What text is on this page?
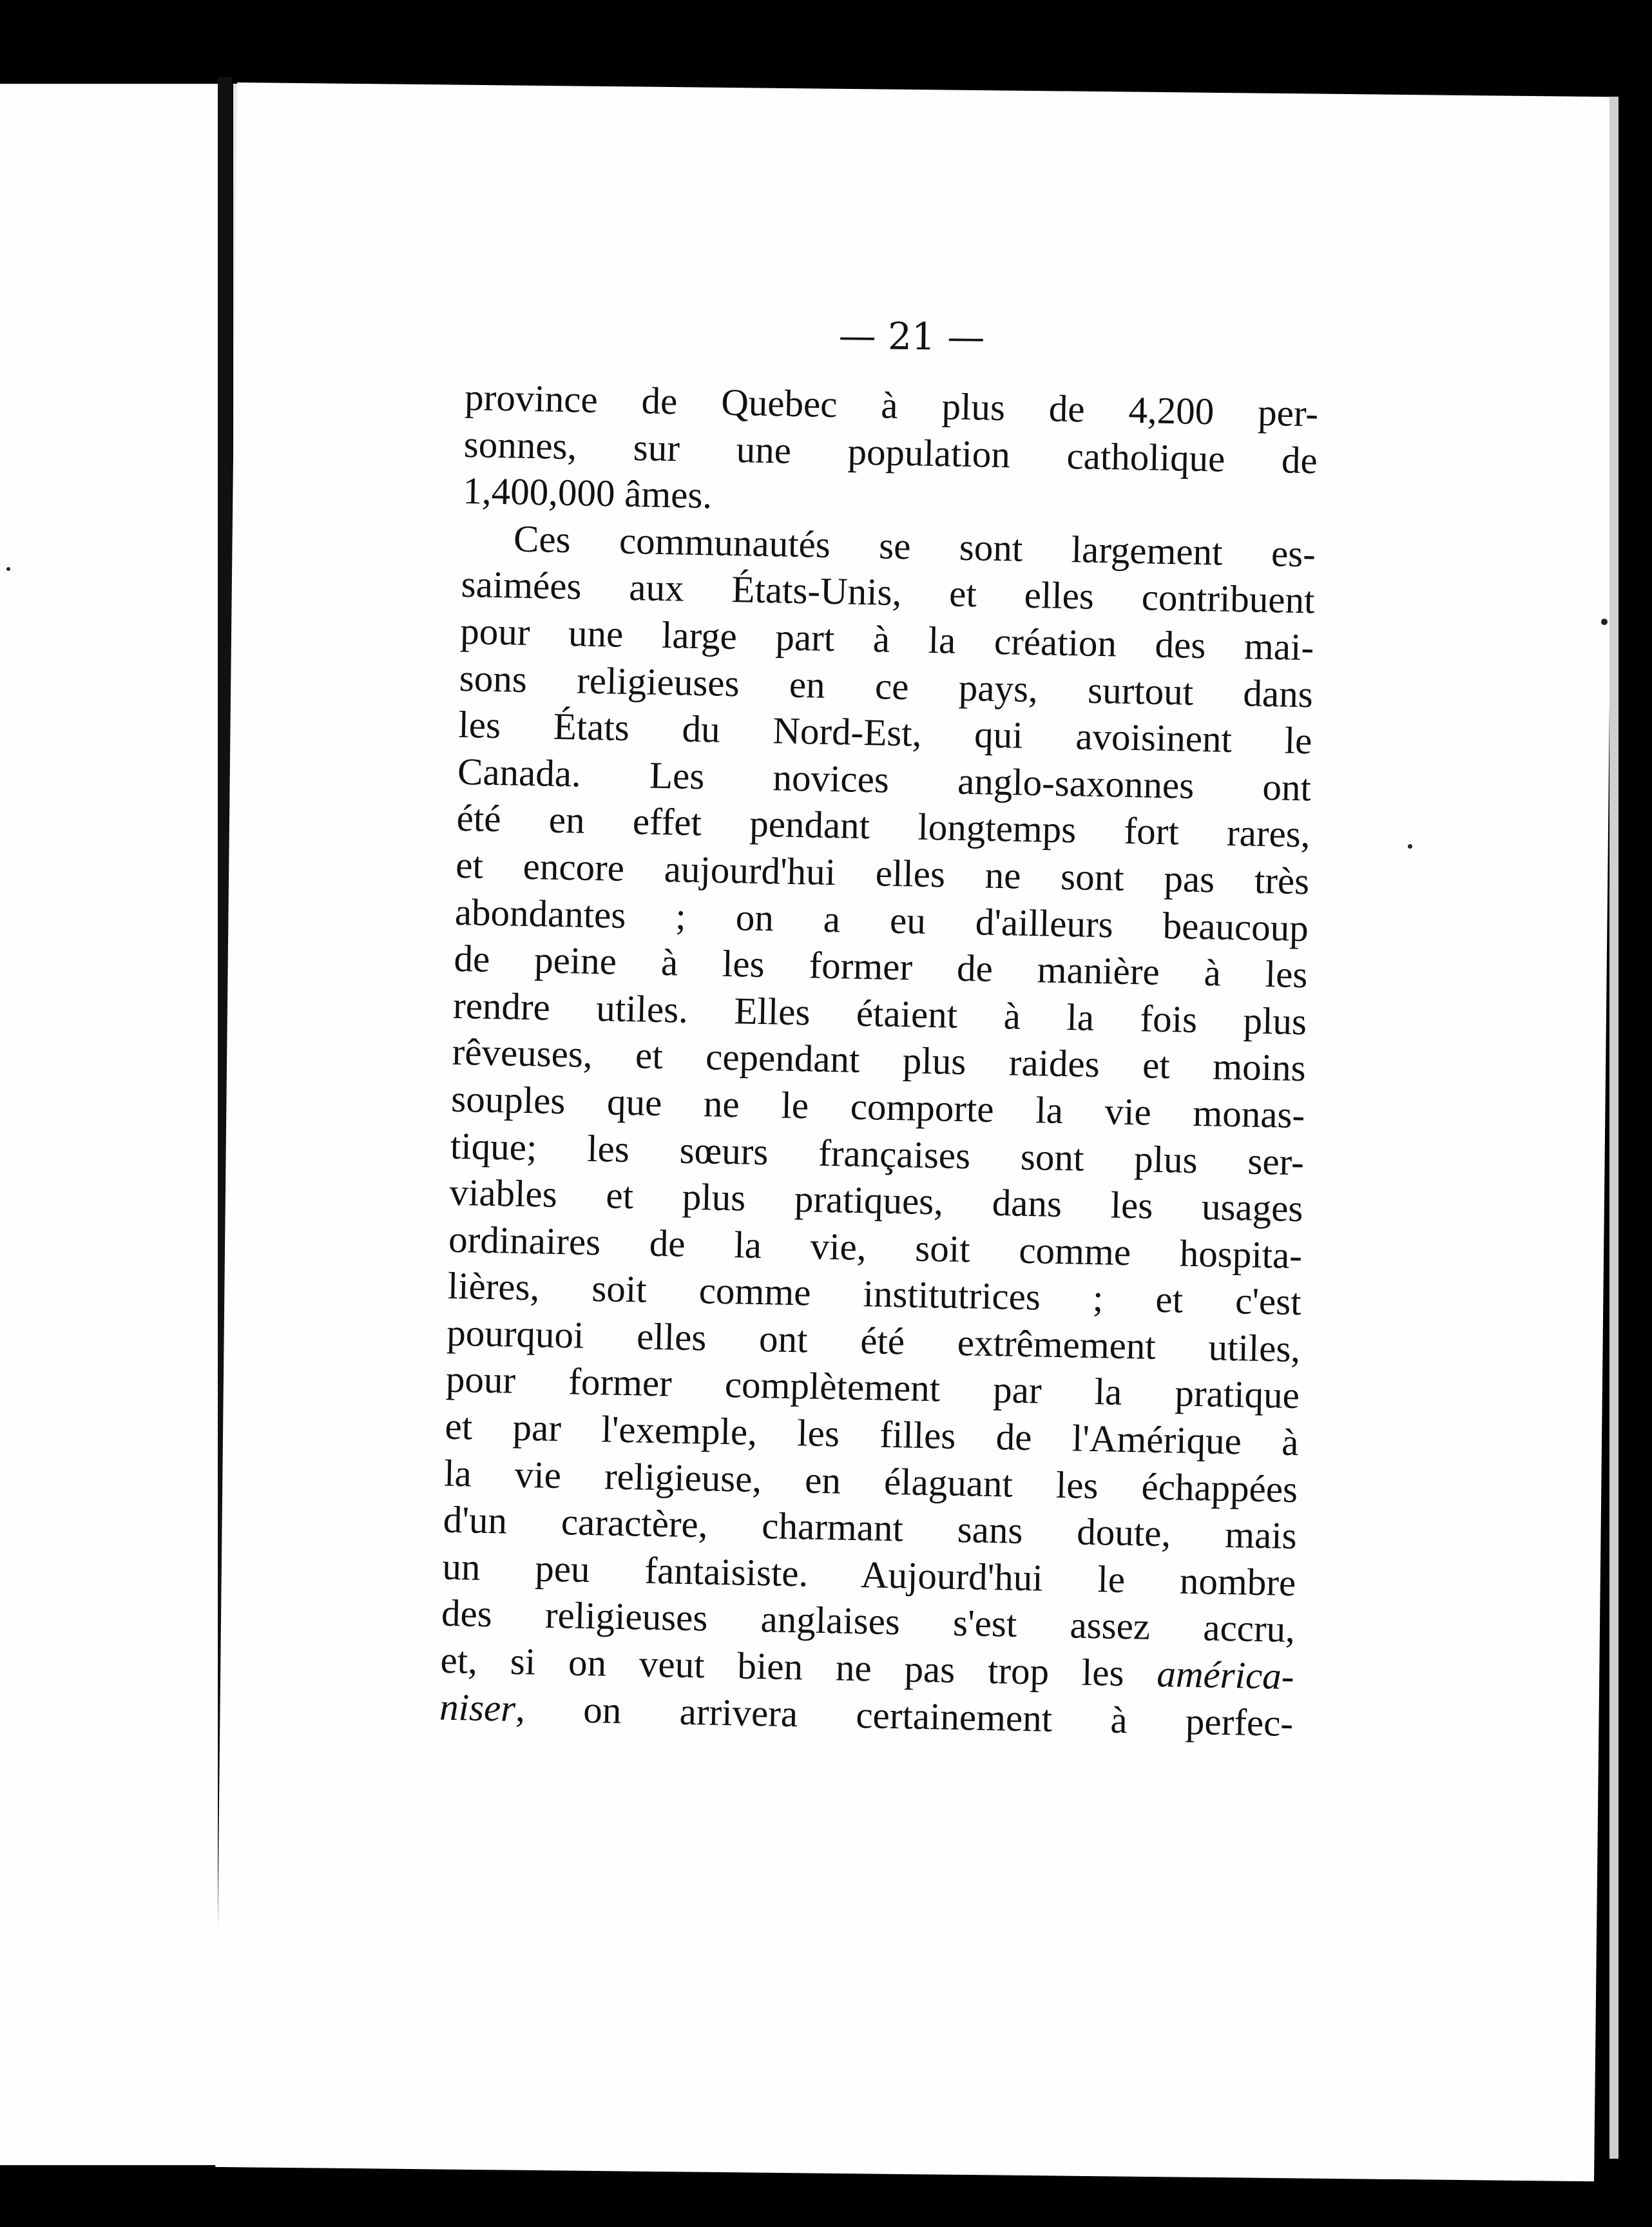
— 21 —
province de Quebec à plus de 4,200 per-
sonnes, sur une population catholique de
1,400,000 âmes.
Ces communautés se sont largement es-
saimées aux États-Unis, et elles contribuent
pour une large part à la création des mai-
sons religieuses en ce pays, surtout dans
les États du Nord-Est, qui avoisinent le
Canada. Les novices anglo-saxonnes ont
été en effet pendant longtemps fort rares,
et encore aujourd'hui elles ne sont pas très
abondantes ; on a eu d'ailleurs beaucoup
de peine à les former de manière à les
rendre utiles. Elles étaient à la fois plus
rêveuses, et cependant plus raides et moins
souples que ne le comporte la vie monas-
tique; les sœurs françaises sont plus ser-
viables et plus pratiques, dans les usages
ordinaires de la vie, soit comme hospita-
lières, soit comme institutrices ; et c'est
pourquoi elles ont été extrêmement utiles,
pour former complètement par la pratique
et par l'exemple, les filles de l'Amérique à
la vie religieuse, en élaguant les échappées
d'un caractère, charmant sans doute, mais
un peu fantaisiste. Aujourd'hui le nombre
des religieuses anglaises s'est assez accru,
et, si on veut bien ne pas trop les américa-
niser, on arrivera certainement à perfec-
